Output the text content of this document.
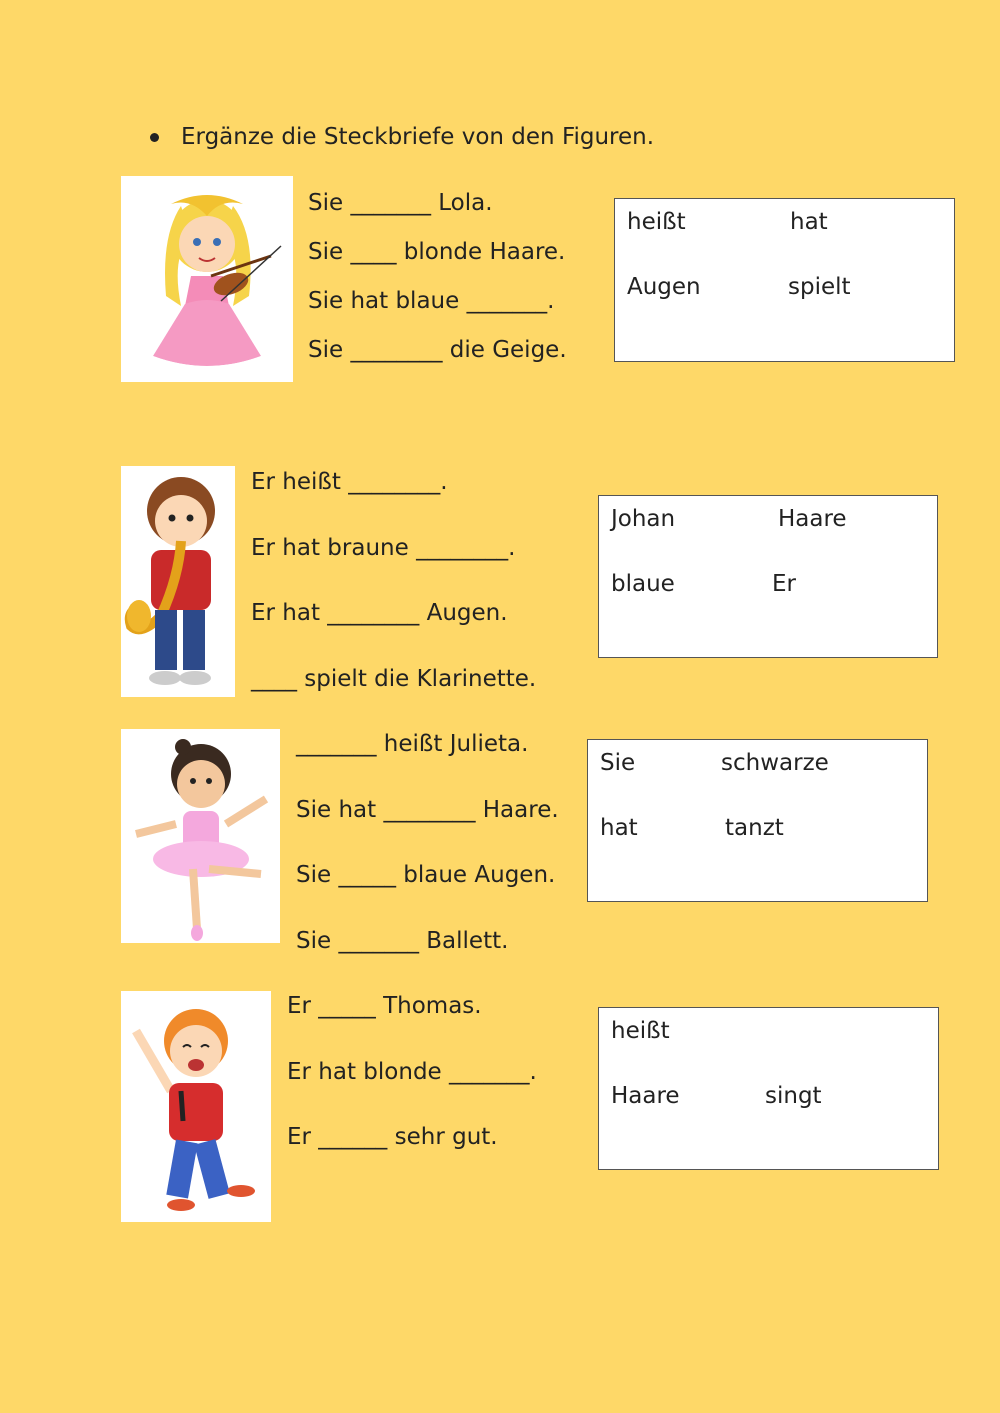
Ergänze die Steckbriefe von den Figuren.
Sie _______ Lola.
Sie ____ blonde Haare.
Sie hat blaue _______.
Sie ________ die Geige.
heißt	hat
Augen	spielt
Er heißt ________.
Er hat braune ________.
Er hat ________ Augen.
____ spielt die Klarinette.
Johan	Haare
blaue	Er
_______ heißt Julieta.
Sie hat ________ Haare.
Sie _____ blaue Augen.
Sie _______ Ballett.
Sie	schwarze
hat	tanzt
Er _____ Thomas.
Er hat blonde _______.
Er ______ sehr gut.
heißt
Haare	singt
